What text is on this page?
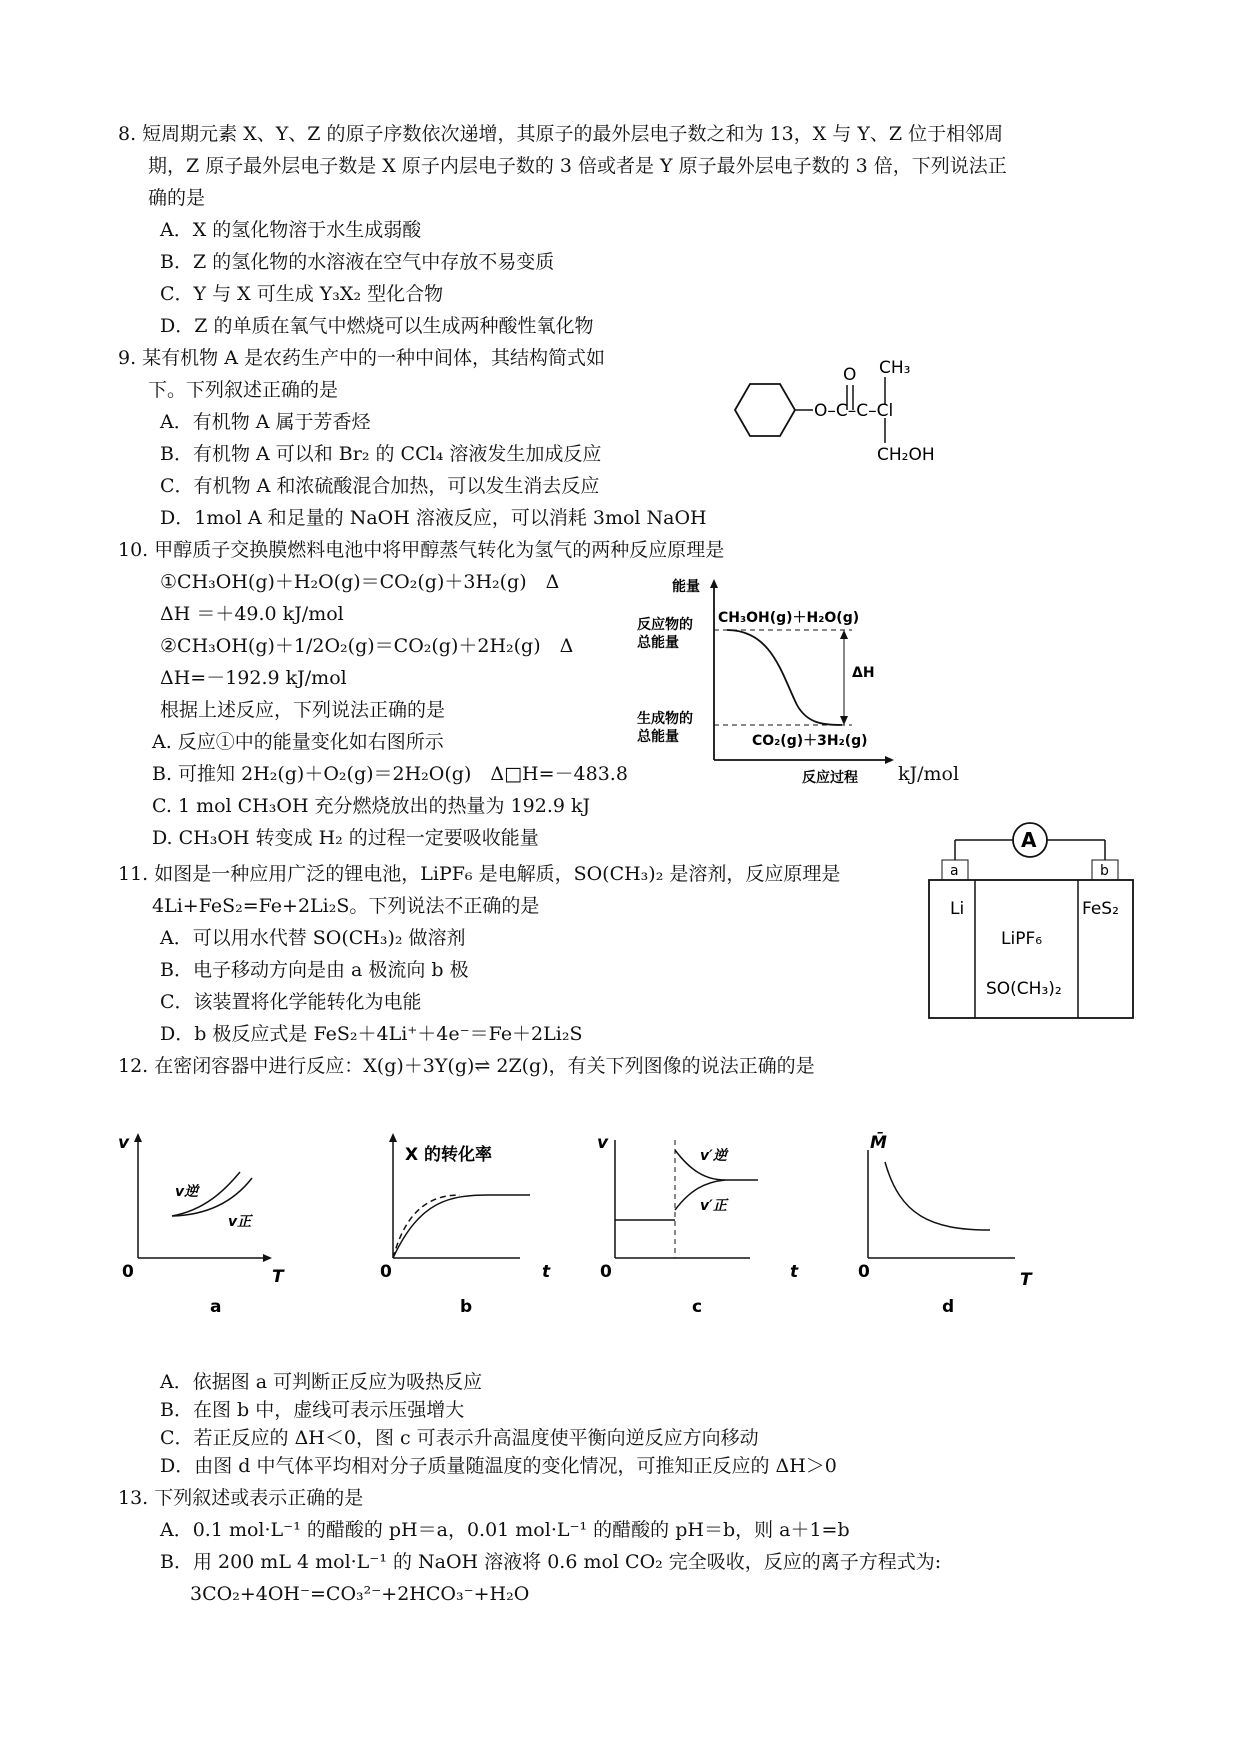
8. 短周期元素 X、Y、Z 的原子序数依次递增，其原子的最外层电子数之和为 13，X 与 Y、Z 位于相邻周
期，Z 原子最外层电子数是 X 原子内层电子数的 3 倍或者是 Y 原子最外层电子数的 3 倍，下列说法正
确的是
A．X 的氢化物溶于水生成弱酸
B．Z 的氢化物的水溶液在空气中存放不易变质
C．Y 与 X 可生成 Y₃X₂ 型化合物
D．Z 的单质在氧气中燃烧可以生成两种酸性氧化物
9. 某有机物 A 是农药生产中的一种中间体，其结构简式如
下。下列叙述正确的是
A．有机物 A 属于芳香烃
B．有机物 A 可以和 Br₂ 的 CCl₄ 溶液发生加成反应
C．有机物 A 和浓硫酸混合加热，可以发生消去反应
D．1mol A 和足量的 NaOH 溶液反应，可以消耗 3mol NaOH
O CH₃
O–C–C–Cl
CH₂OH
10. 甲醇质子交换膜燃料电池中将甲醇蒸气转化为氢气的两种反应原理是
①CH₃OH(g)＋H₂O(g)＝CO₂(g)＋3H₂(g)　Δ
ΔH ＝＋49.0 kJ/mol
②CH₃OH(g)＋1/2O₂(g)＝CO₂(g)＋2H₂(g)　Δ
ΔH=－192.9 kJ/mol
根据上述反应，下列说法正确的是
A. 反应①中的能量变化如右图所示
B. 可推知 2H₂(g)＋O₂(g)＝2H₂O(g)　Δ□H=－483.8	kJ/mol
C. 1 mol CH₃OH 充分燃烧放出的热量为 192.9 kJ
D. CH₃OH 转变成 H₂ 的过程一定要吸收能量
能量
CH₃OH(g)＋H₂O(g)
反应物的
总能量
ΔH
生成物的
总能量	CO₂(g)＋3H₂(g)
反应过程
11. 如图是一种应用广泛的锂电池，LiPF₆ 是电解质，SO(CH₃)₂ 是溶剂，反应原理是
4Li+FeS₂=Fe+2Li₂S。下列说法不正确的是
A．可以用水代替 SO(CH₃)₂ 做溶剂
B．电子移动方向是由 a 极流向 b 极
C．该装置将化学能转化为电能
D．b 极反应式是 FeS₂＋4Li⁺＋4e⁻＝Fe＋2Li₂S
A
a	b
Li	FeS₂
LiPF₆
SO(CH₃)₂
12. 在密闭容器中进行反应：X(g)＋3Y(g)⇌ 2Z(g)，有关下列图像的说法正确的是
v
0	T
v逆
v正
a
X 的转化率
0	t
b
v
0	t
v′逆
v′正
c
M̄
0	T
d
A．依据图 a 可判断正反应为吸热反应
B．在图 b 中，虚线可表示压强增大
C．若正反应的 ΔH＜0，图 c 可表示升高温度使平衡向逆反应方向移动
D．由图 d 中气体平均相对分子质量随温度的变化情况，可推知正反应的 ΔH＞0
13. 下列叙述或表示正确的是
A．0.1 mol·L⁻¹ 的醋酸的 pH＝a，0.01 mol·L⁻¹ 的醋酸的 pH＝b，则 a＋1=b
B．用 200 mL 4 mol·L⁻¹ 的 NaOH 溶液将 0.6 mol CO₂ 完全吸收，反应的离子方程式为:
3CO₂+4OH⁻=CO₃²⁻+2HCO₃⁻+H₂O
